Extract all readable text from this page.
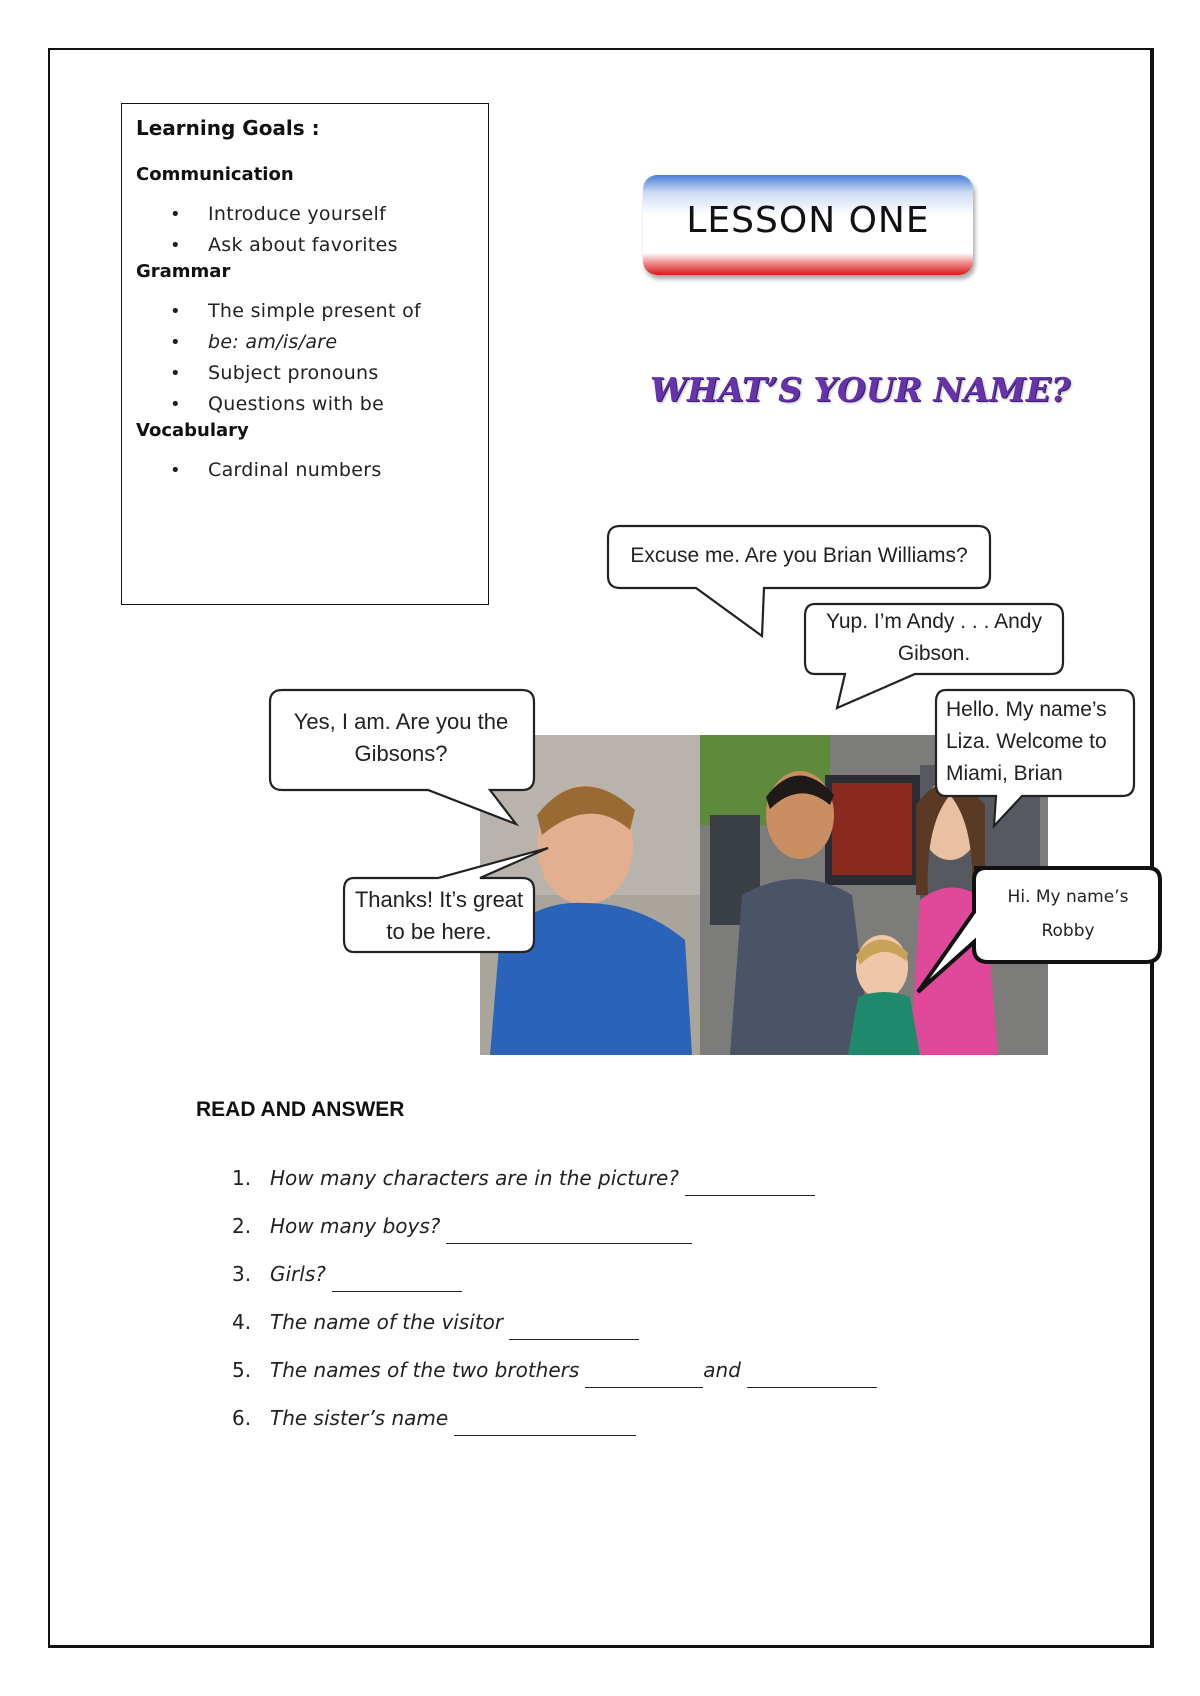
Learning Goals :

Communication

• Introduce yourself
• Ask about favorites

Grammar

• The simple present of
• be: am/is/are
• Subject pronouns
• Questions with be

Vocabulary

• Cardinal numbers
LESSON ONE
WHAT’S YOUR NAME?
Excuse me. Are you Brian Williams?
Yup. I’m Andy . . . Andy Gibson.
Yes, I am. Are you the Gibsons?
Hello. My name’s Liza. Welcome to Miami, Brian
Thanks! It’s great to be here.
Hi. My name’s Robby

READ AND ANSWER

1. How many characters are in the picture?
2. How many boys?
3. Girls?
4. The name of the visitor
5. The names of the two brothers	and
6. The sister’s name
